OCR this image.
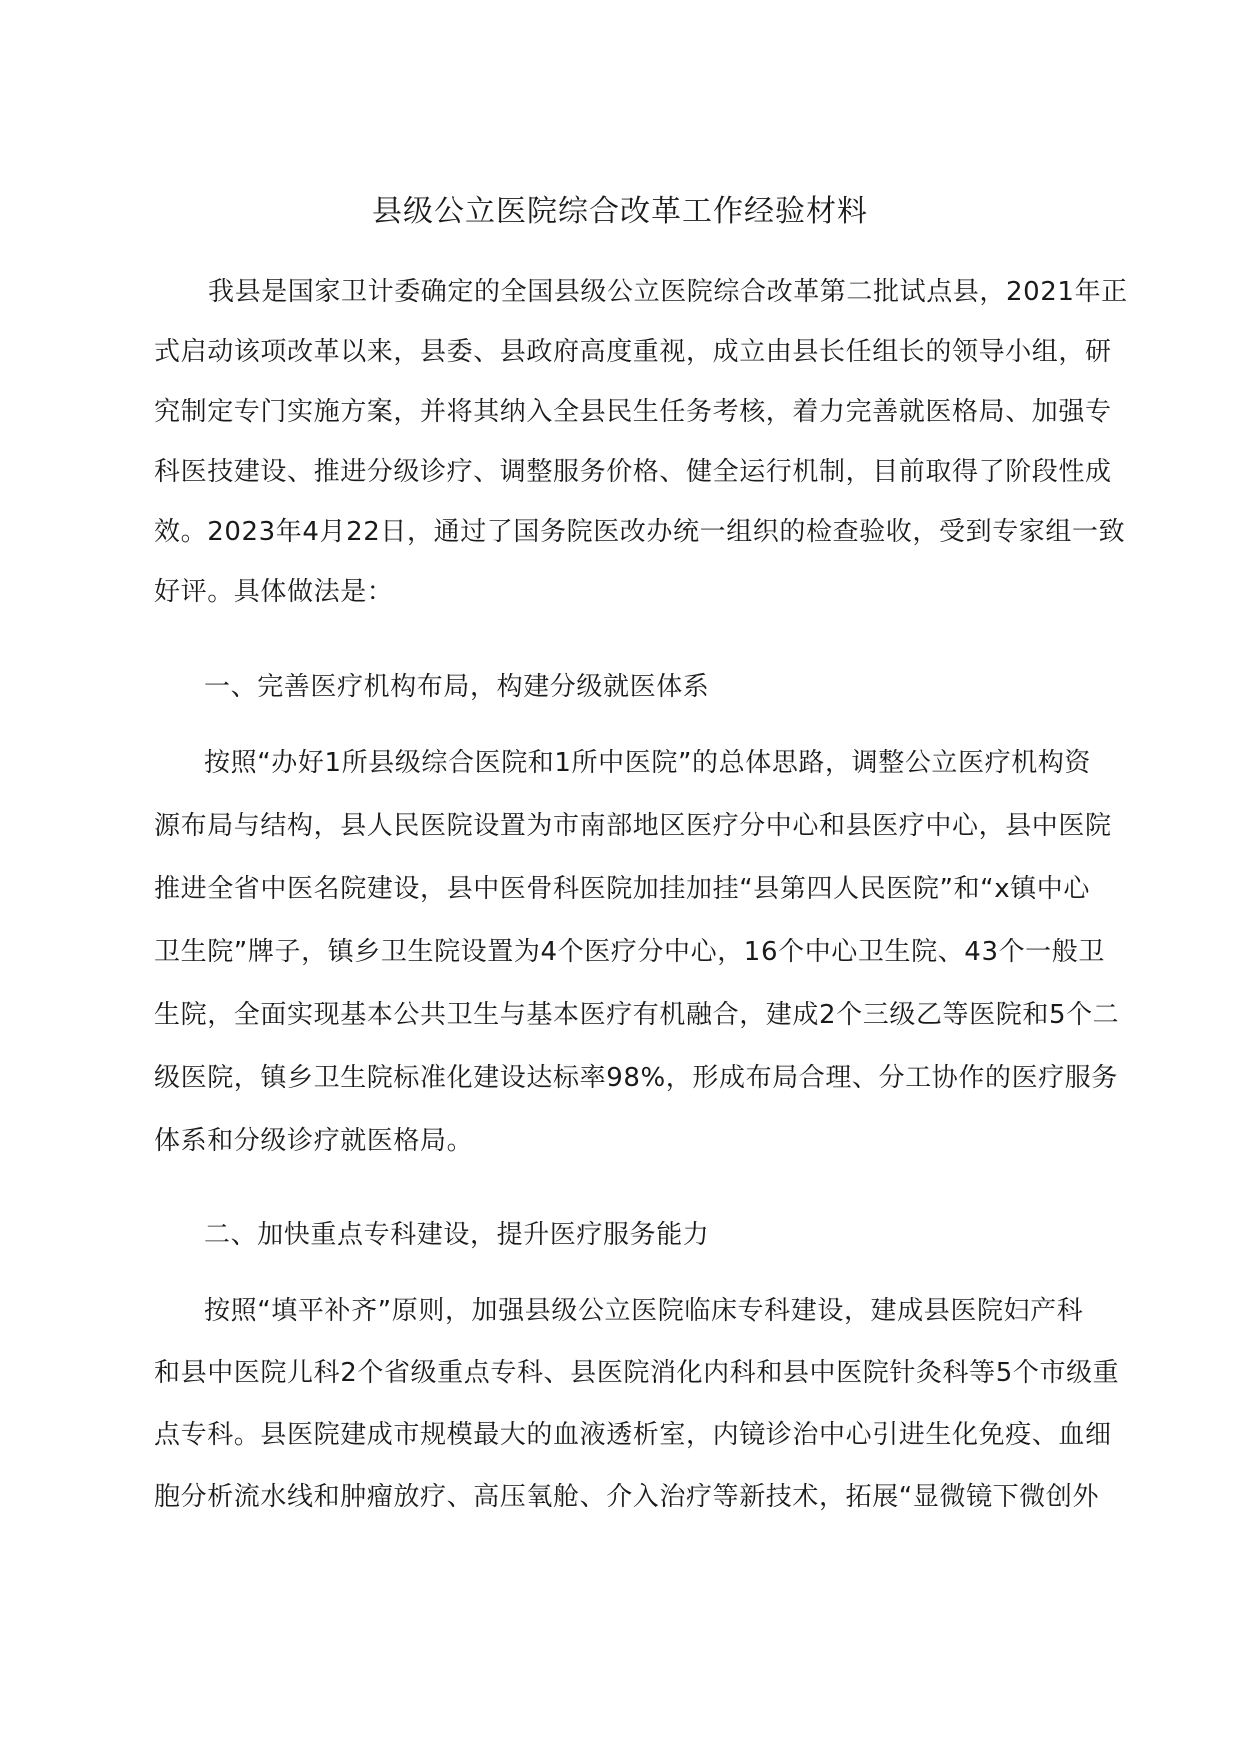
县级公立医院综合改革工作经验材料

我县是国家卫计委确定的全国县级公立医院综合改革第二批试点县，2021年正

式启动该项改革以来，县委、县政府高度重视，成立由县长任组长的领导小组，研

究制定专门实施方案，并将其纳入全县民生任务考核，着力完善就医格局、加强专

科医技建设、推进分级诊疗、调整服务价格、健全运行机制，目前取得了阶段性成

效。2023年4月22日，通过了国务院医改办统一组织的检查验收，受到专家组一致

好评。具体做法是：

一、完善医疗机构布局，构建分级就医体系

按照“办好1所县级综合医院和1所中医院”的总体思路，调整公立医疗机构资

源布局与结构，县人民医院设置为市南部地区医疗分中心和县医疗中心，县中医院

推进全省中医名院建设，县中医骨科医院加挂加挂“县第四人民医院”和“x镇中心

卫生院”牌子，镇乡卫生院设置为4个医疗分中心，16个中心卫生院、43个一般卫

生院，全面实现基本公共卫生与基本医疗有机融合，建成2个三级乙等医院和5个二

级医院，镇乡卫生院标准化建设达标率98%，形成布局合理、分工协作的医疗服务

体系和分级诊疗就医格局。

二、加快重点专科建设，提升医疗服务能力

按照“填平补齐”原则，加强县级公立医院临床专科建设，建成县医院妇产科

和县中医院儿科2个省级重点专科、县医院消化内科和县中医院针灸科等5个市级重

点专科。县医院建成市规模最大的血液透析室，内镜诊治中心引进生化免疫、血细

胞分析流水线和肿瘤放疗、高压氧舱、介入治疗等新技术，拓展“显微镜下微创外
